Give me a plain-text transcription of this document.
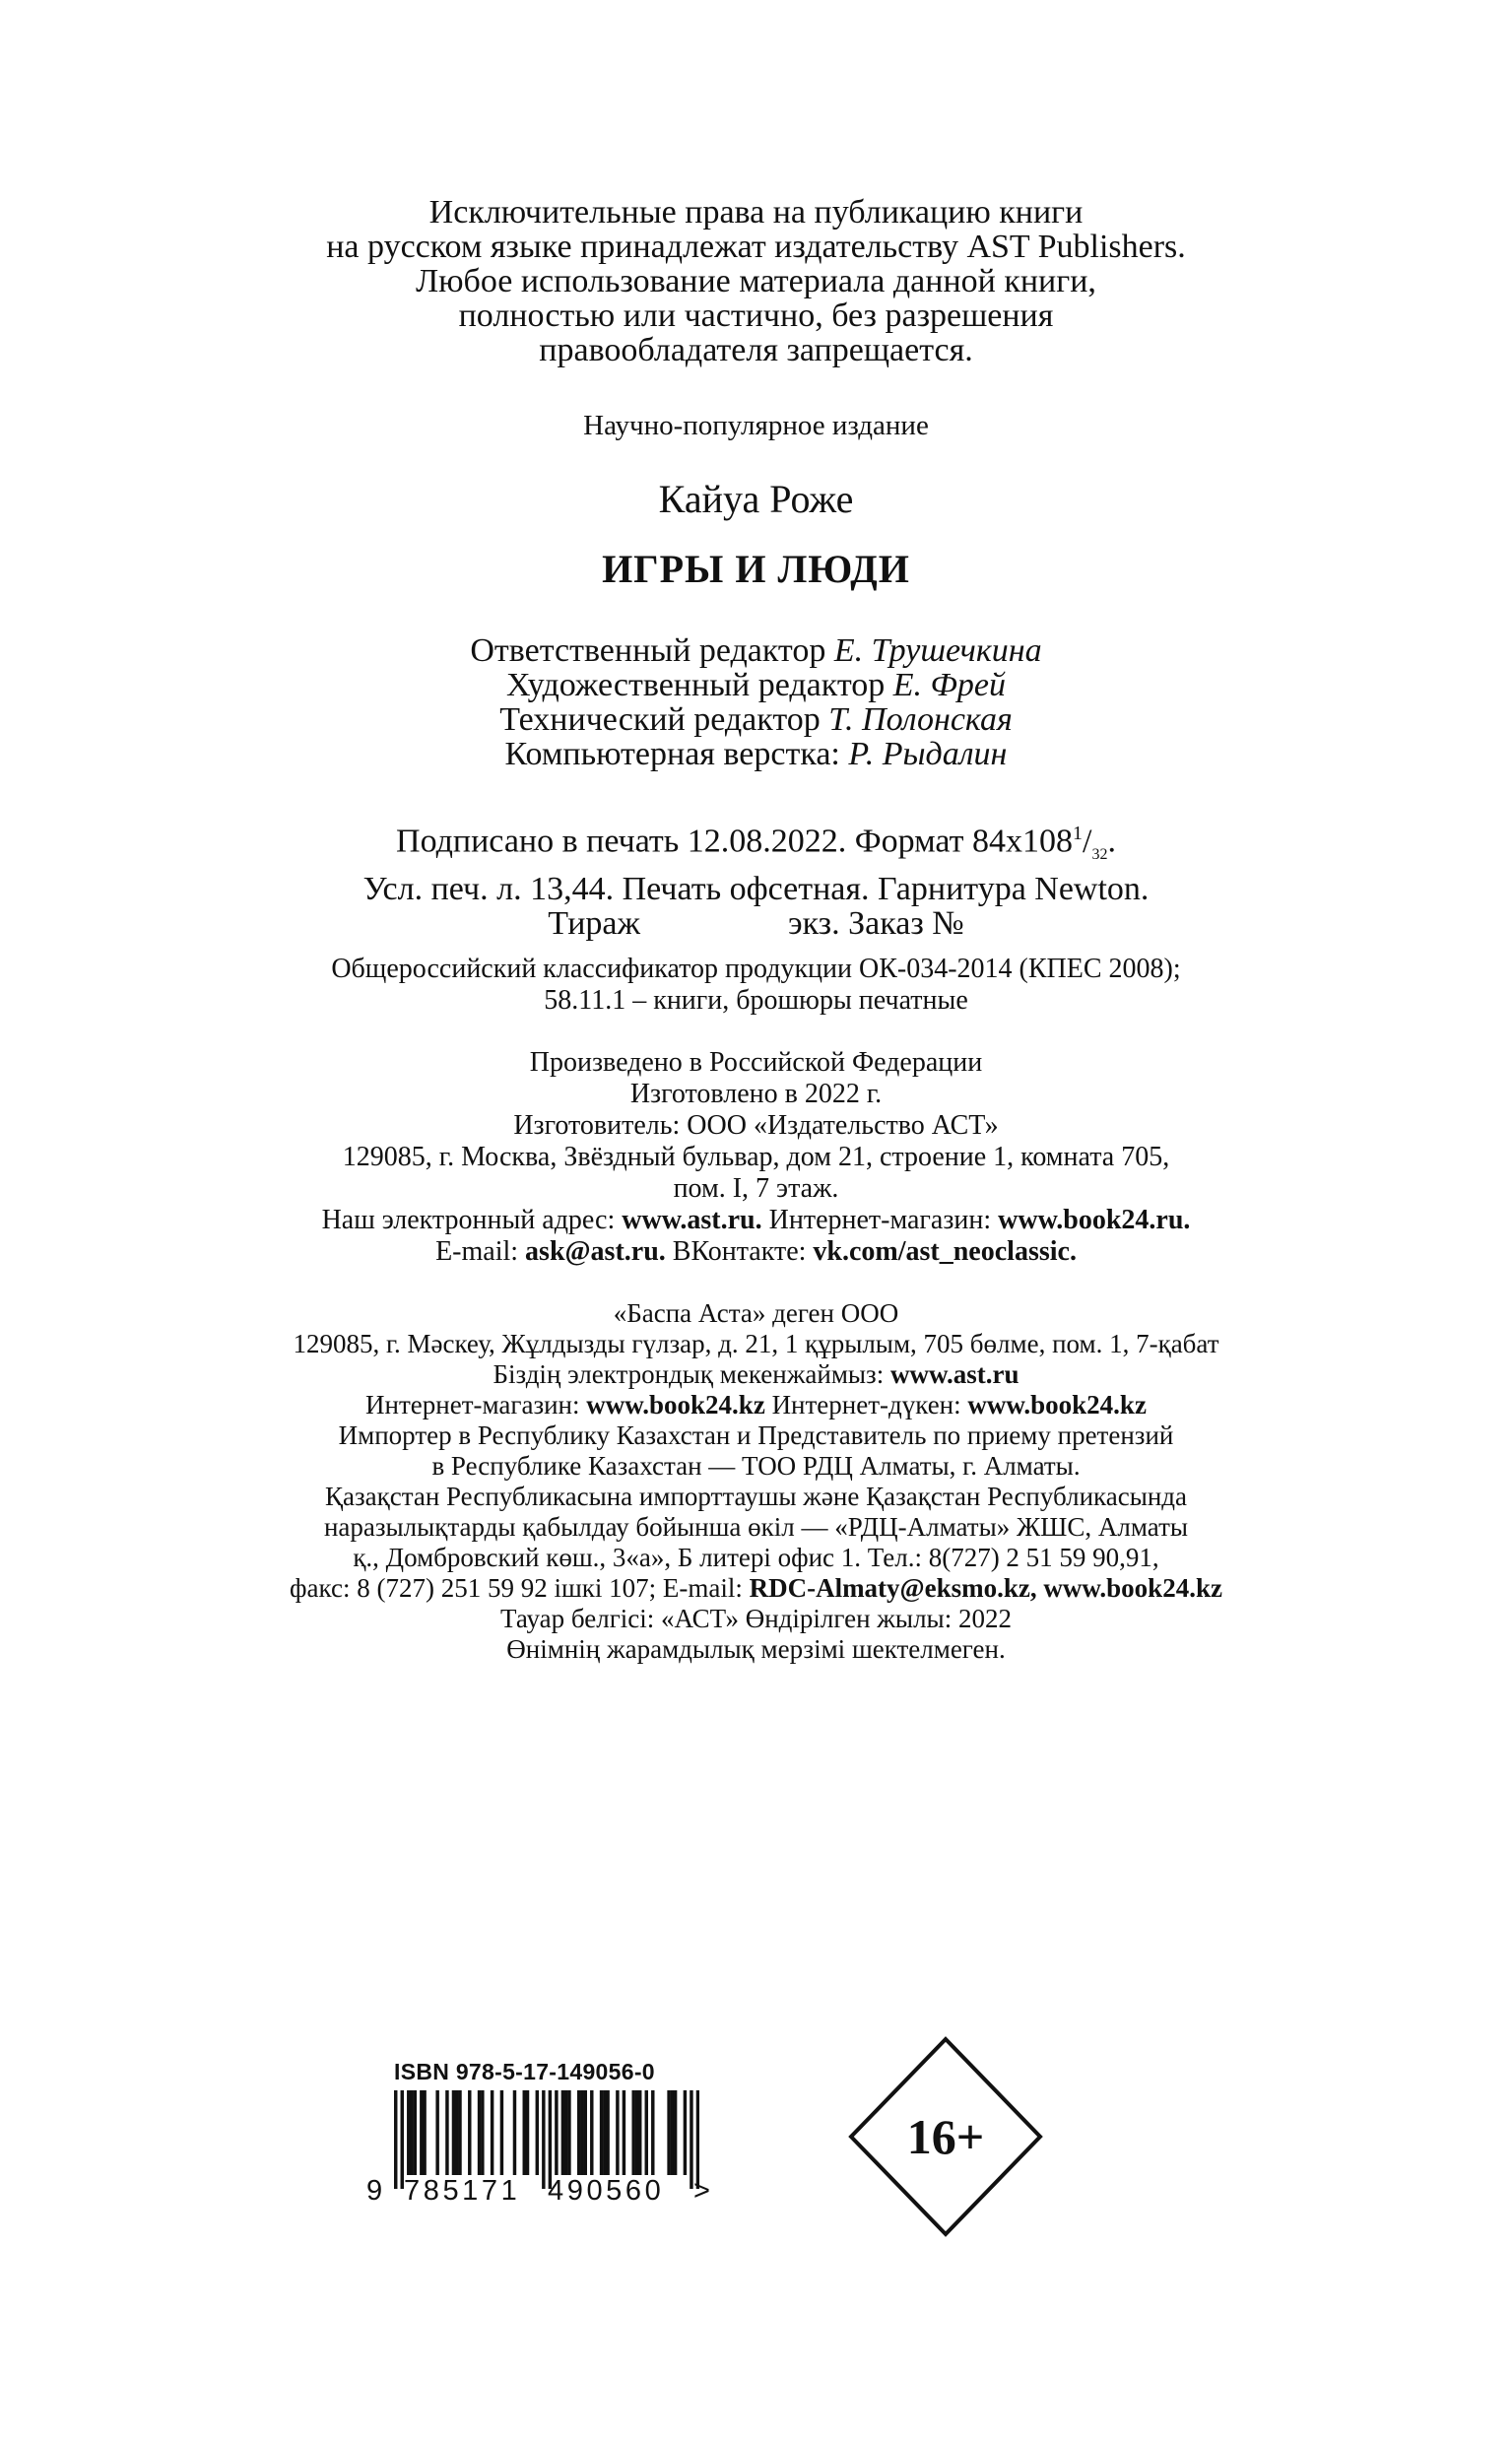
Исключительные права на публикацию книги
на русском языке принадлежат издательству AST Publishers.
Любое использование материала данной книги,
полностью или частично, без разрешения
правообладателя запрещается.
Научно-популярное издание
Кайуа Роже
ИГРЫ И ЛЮДИ
Ответственный редактор Е. Трушечкина
Художественный редактор Е. Фрей
Технический редактор Т. Полонская
Компьютерная верстка: Р. Рыдалин
Подписано в печать 12.08.2022. Формат $84х108^1/_{32}$.
Усл. печ. л. 13,44. Печать офсетная. Гарнитура Newton.
Тираж	экз. Заказ №
Общероссийский классификатор продукции ОК-034-2014 (КПЕС 2008);
58.11.1 – книги, брошюры печатные
Произведено в Российской Федерации
Изготовлено в 2022 г.
Изготовитель: ООО «Издательство АСТ»
129085, г. Москва, Звёздный бульвар, дом 21, строение 1, комната 705,
пом. I, 7 этаж.
Наш электронный адрес: www.ast.ru. Интернет-магазин: www.book24.ru.
E-mail: ask@ast.ru. ВКонтакте: vk.com/ast_neoclassic.
«Баспа Аста» деген ООО
129085, г. Мәскеу, Жұлдызды гүлзар, д. 21, 1 құрылым, 705 бөлме, пом. 1, 7-қабат
Біздің электрондық мекенжаймыз: www.ast.ru
Интернет-магазин: www.book24.kz Интернет-дүкен: www.book24.kz
Импортер в Республику Казахстан и Представитель по приему претензий
в Республике Казахстан — ТОО РДЦ Алматы, г. Алматы.
Қазақстан Республикасына импорттаушы және Қазақстан Республикасында
наразылықтарды қабылдау бойынша өкіл — «РДЦ-Алматы» ЖШС, Алматы
қ., Домбровский көш., 3«а», Б литері офис 1. Тел.: 8(727) 2 51 59 90,91,
факс: 8 (727) 251 59 92 ішкі 107; E-mail: RDC-Almaty@eksmo.kz, www.book24.kz
Тауар белгісі: «АСТ» Өндірілген жылы: 2022
Өнімнің жарамдылық мерзімі шектелмеген.
ISBN 978-5-17-149056-0
9 785171 490560 >
16+
